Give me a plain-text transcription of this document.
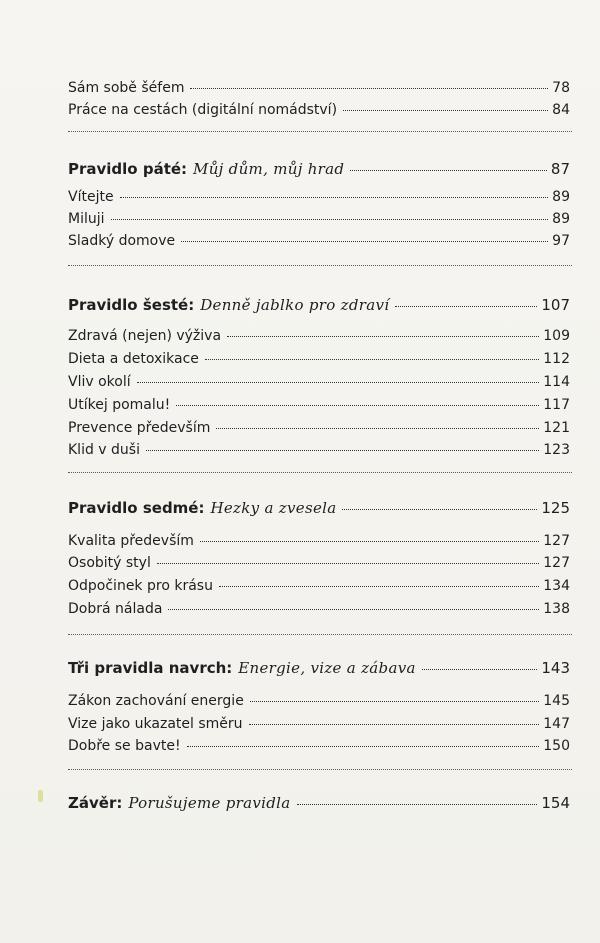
Sám sobě šéfem	78
Práce na cestách (digitální nomádství)	84
Pravidlo páté: Můj dům, můj hrad	87
Vítejte	89
Miluji	89
Sladký domove	97
Pravidlo šesté: Denně jablko pro zdraví	107
Zdravá (nejen) výživa	109
Dieta a detoxikace	112
Vliv okolí	114
Utíkej pomalu!	117
Prevence především	121
Klid v duši	123
Pravidlo sedmé: Hezky a zvesela	125
Kvalita především	127
Osobitý styl	127
Odpočinek pro krásu	134
Dobrá nálada	138
Tři pravidla navrch: Energie, vize a zábava	143
Zákon zachování energie	145
Vize jako ukazatel směru	147
Dobře se bavte!	150
Závěr: Porušujeme pravidla	154
